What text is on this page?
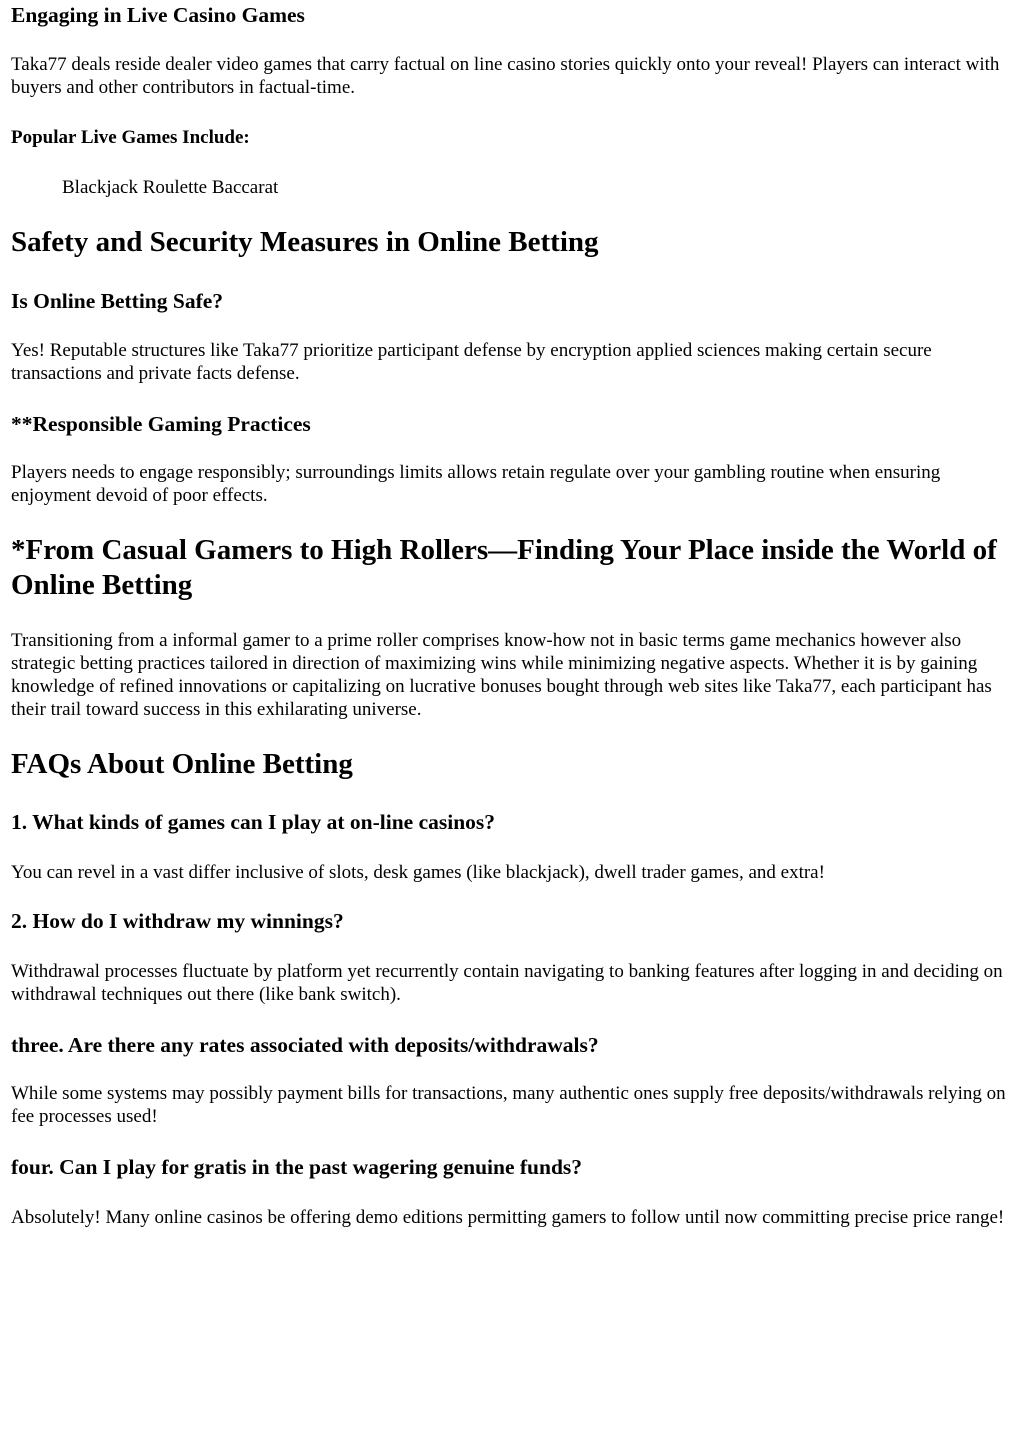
Engaging in Live Casino Games

Taka77 deals reside dealer video games that carry factual on line casino stories quickly onto your reveal! Players can interact with buyers and other contributors in factual-time.

Popular Live Games Include:

Blackjack Roulette Baccarat

Safety and Security Measures in Online Betting
Is Online Betting Safe?

Yes! Reputable structures like Taka77 prioritize participant defense by encryption applied sciences making certain secure transactions and private facts defense.

**Responsible Gaming Practices

Players needs to engage responsibly; surroundings limits allows retain regulate over your gambling routine when ensuring enjoyment devoid of poor effects.

*From Casual Gamers to High Rollers—Finding Your Place inside the World of Online Betting

Transitioning from a informal gamer to a prime roller comprises know-how not in basic terms game mechanics however also strategic betting practices tailored in direction of maximizing wins while minimizing negative aspects. Whether it is by gaining knowledge of refined innovations or capitalizing on lucrative bonuses bought through web sites like Taka77, each participant has their trail toward success in this exhilarating universe.

FAQs About Online Betting
1. What kinds of games can I play at on-line casinos?

You can revel in a vast differ inclusive of slots, desk games (like blackjack), dwell trader games, and extra!

2. How do I withdraw my winnings?

Withdrawal processes fluctuate by platform yet recurrently contain navigating to banking features after logging in and deciding on withdrawal techniques out there (like bank switch).

three. Are there any rates associated with deposits/withdrawals?

While some systems may possibly payment bills for transactions, many authentic ones supply free deposits/withdrawals relying on fee processes used!

four. Can I play for gratis in the past wagering genuine funds?

Absolutely! Many online casinos be offering demo editions permitting gamers to follow until now committing precise price range!
